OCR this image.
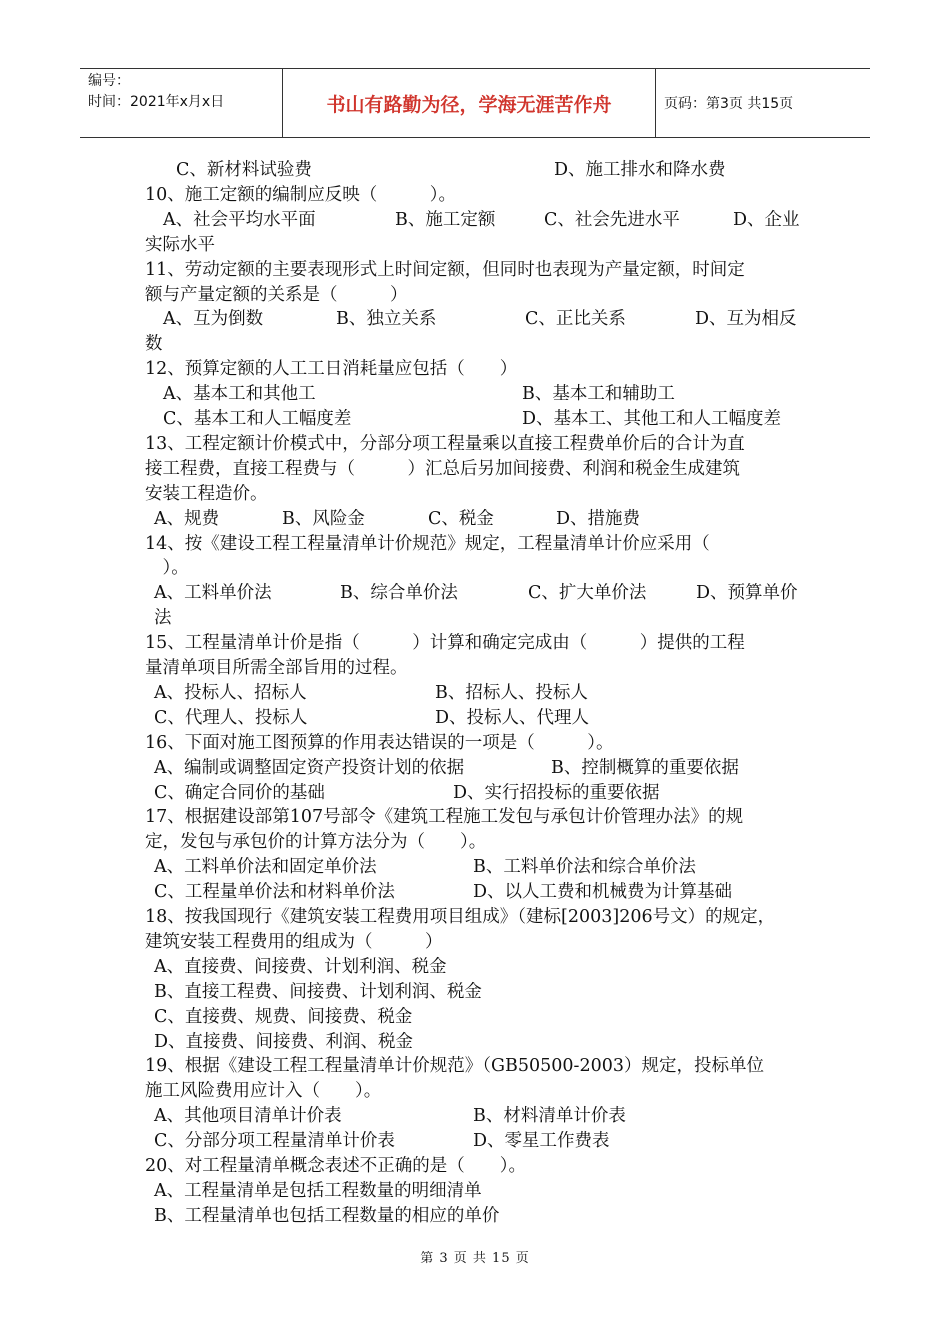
编号：
时间：2021年x月x日	书山有路勤为径，学海无涯苦作舟	页码：第3页 共15页
C、新材料试验费	D、施工排水和降水费
10、施工定额的编制应反映（　　　）。
A、社会平均水平面	B、施工定额	C、社会先进水平	D、企业
实际水平
11、劳动定额的主要表现形式上时间定额，但同时也表现为产量定额，时间定
额与产量定额的关系是（　　　）
A、互为倒数	B、独立关系	C、正比关系	D、互为相反
数
12、预算定额的人工工日消耗量应包括（　　）
A、基本工和其他工	B、基本工和辅助工
C、基本工和人工幅度差	D、基本工、其他工和人工幅度差
13、工程定额计价模式中，分部分项工程量乘以直接工程费单价后的合计为直
接工程费，直接工程费与（　　　）汇总后另加间接费、利润和税金生成建筑
安装工程造价。
A、规费	B、风险金	C、税金	D、措施费
14、按《建设工程工程量清单计价规范》规定，工程量清单计价应采用（
　）。
A、工料单价法	B、综合单价法	C、扩大单价法	D、预算单价
法
15、工程量清单计价是指（　　　）计算和确定完成由（　　　）提供的工程
量清单项目所需全部旨用的过程。
A、投标人、招标人	B、招标人、投标人
C、代理人、投标人	D、投标人、代理人
16、下面对施工图预算的作用表达错误的一项是（　　　）。
A、编制或调整固定资产投资计划的依据	B、控制概算的重要依据
C、确定合同价的基础	D、实行招投标的重要依据
17、根据建设部第107号部令《建筑工程施工发包与承包计价管理办法》的规
定，发包与承包价的计算方法分为（　　）。
A、工料单价法和固定单价法	B、工料单价法和综合单价法
C、工程量单价法和材料单价法	D、以人工费和机械费为计算基础
18、按我国现行《建筑安装工程费用项目组成》（建标[2003]206号文）的规定，
建筑安装工程费用的组成为（　　　）
A、直接费、间接费、计划利润、税金
B、直接工程费、间接费、计划利润、税金
C、直接费、规费、间接费、税金
D、直接费、间接费、利润、税金
19、根据《建设工程工程量清单计价规范》（GB50500-2003）规定，投标单位
施工风险费用应计入（　　）。
A、其他项目清单计价表	B、材料清单计价表
C、分部分项工程量清单计价表	D、零星工作费表
20、对工程量清单概念表述不正确的是（　　）。
A、工程量清单是包括工程数量的明细清单
B、工程量清单也包括工程数量的相应的单价
第 3 页 共 15 页
